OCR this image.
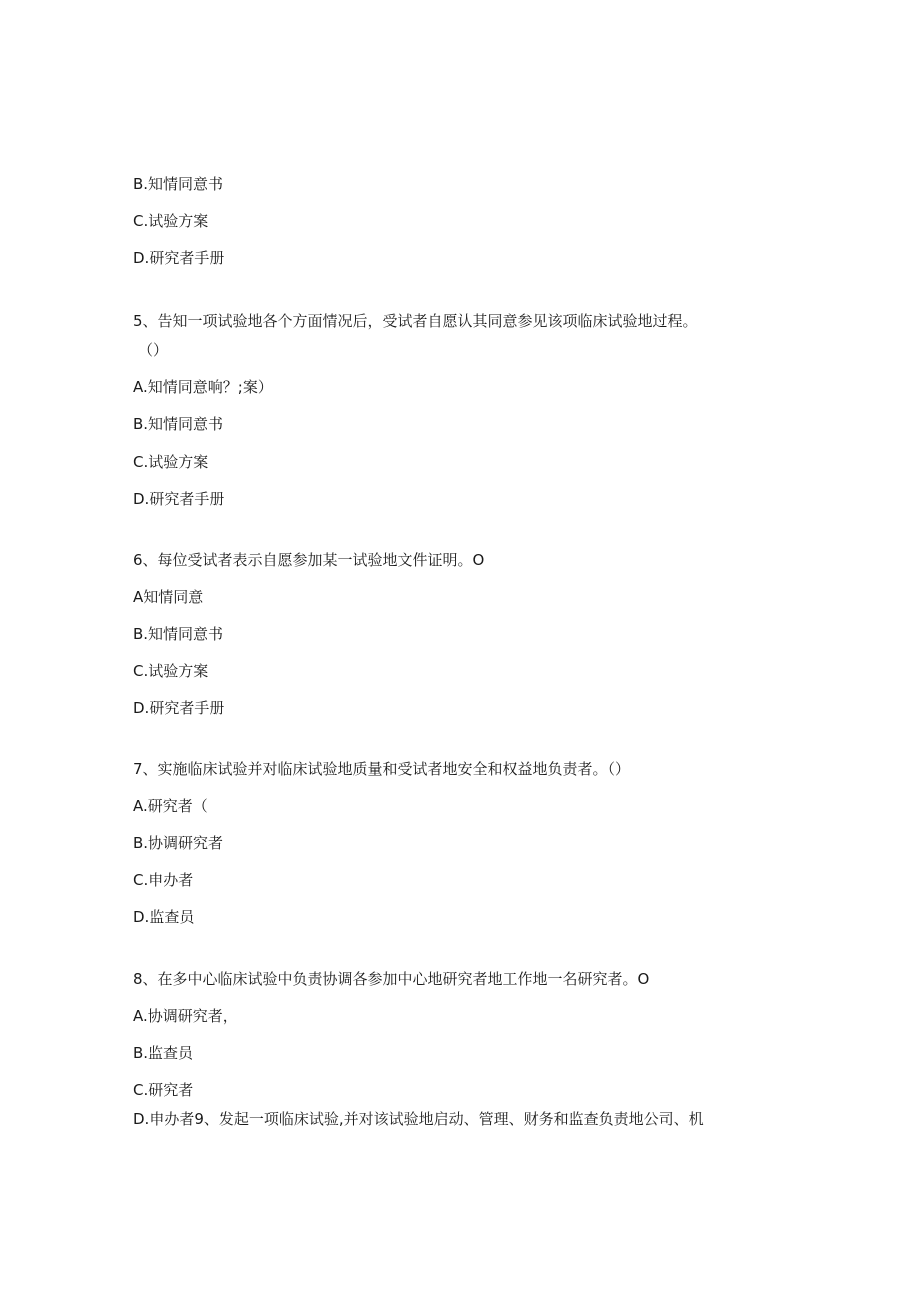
B.知情同意书
C.试验方案
D.研究者手册
5、告知一项试验地各个方面情况后，受试者自愿认其同意参见该项临床试验地过程。
（）
A.知情同意响？;案）
B.知情同意书
C.试验方案
D.研究者手册
6、每位受试者表示自愿参加某一试验地文件证明。O
A知情同意
B.知情同意书
C.试验方案
D.研究者手册
7、实施临床试验并对临床试验地质量和受试者地安全和权益地负责者。（）
A.研究者（
B.协调研究者
C.申办者
D.监查员
8、在多中心临床试验中负责协调各参加中心地研究者地工作地一名研究者。O
A.协调研究者，
B.监查员
C.研究者
D.申办者9、发起一项临床试验,并对该试验地启动、管理、财务和监查负责地公司、机
